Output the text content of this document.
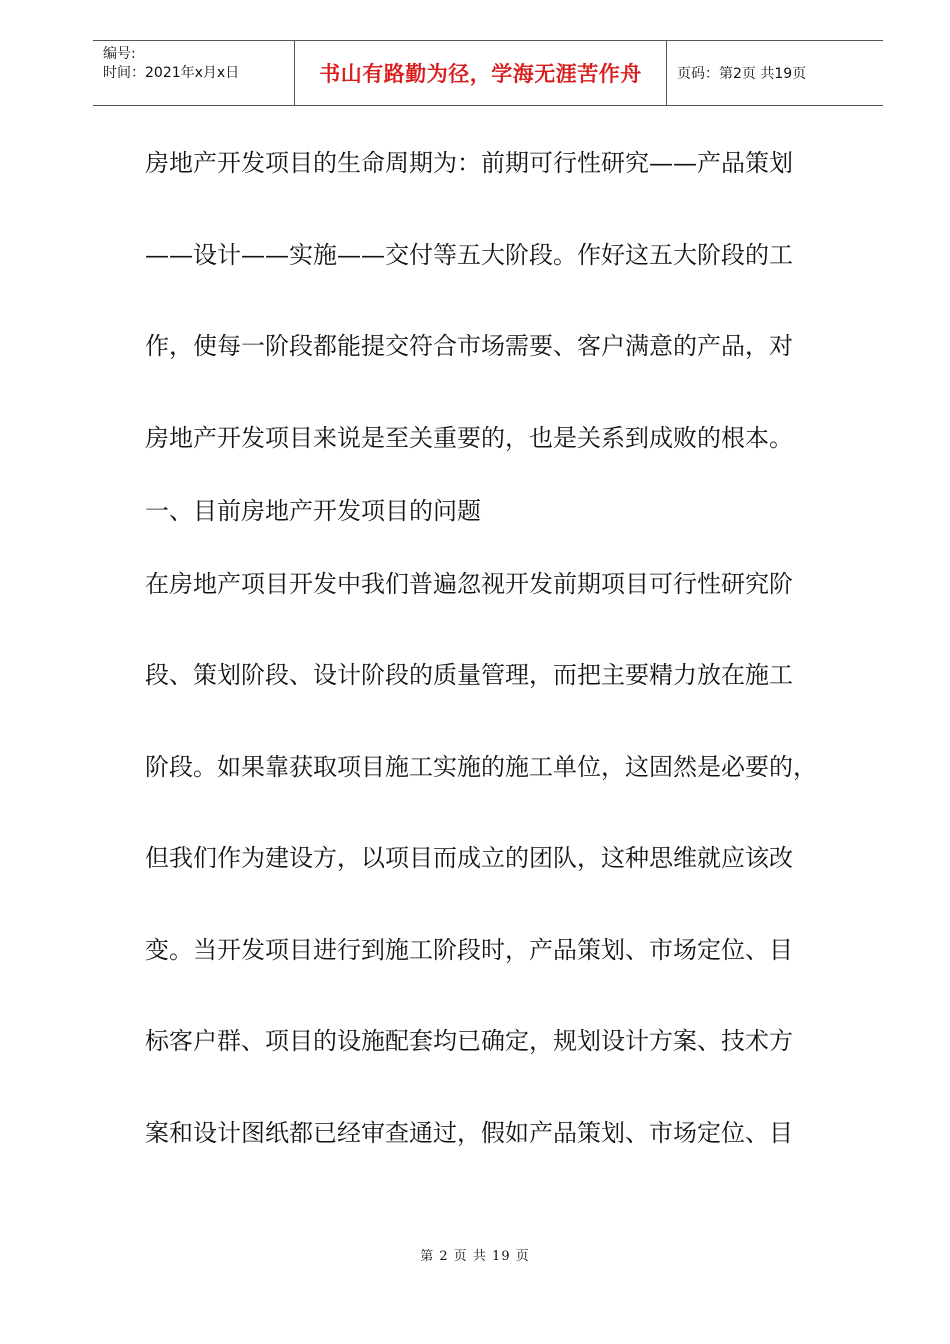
编号:
时间：2021年x月x日	书山有路勤为径，学海无涯苦作舟	页码：第2页 共19页

房地产开发项目的生命周期为：前期可行性研究——产品策划

——设计——实施——交付等五大阶段。作好这五大阶段的工

作，使每一阶段都能提交符合市场需要、客户满意的产品，对

房地产开发项目来说是至关重要的，也是关系到成败的根本。

一、目前房地产开发项目的问题

在房地产项目开发中我们普遍忽视开发前期项目可行性研究阶

段、策划阶段、设计阶段的质量管理，而把主要精力放在施工

阶段。如果靠获取项目施工实施的施工单位，这固然是必要的，

但我们作为建设方，以项目而成立的团队，这种思维就应该改

变。当开发项目进行到施工阶段时，产品策划、市场定位、目

标客户群、项目的设施配套均已确定，规划设计方案、技术方

案和设计图纸都已经审查通过，假如产品策划、市场定位、目

第 2 页 共 19 页
